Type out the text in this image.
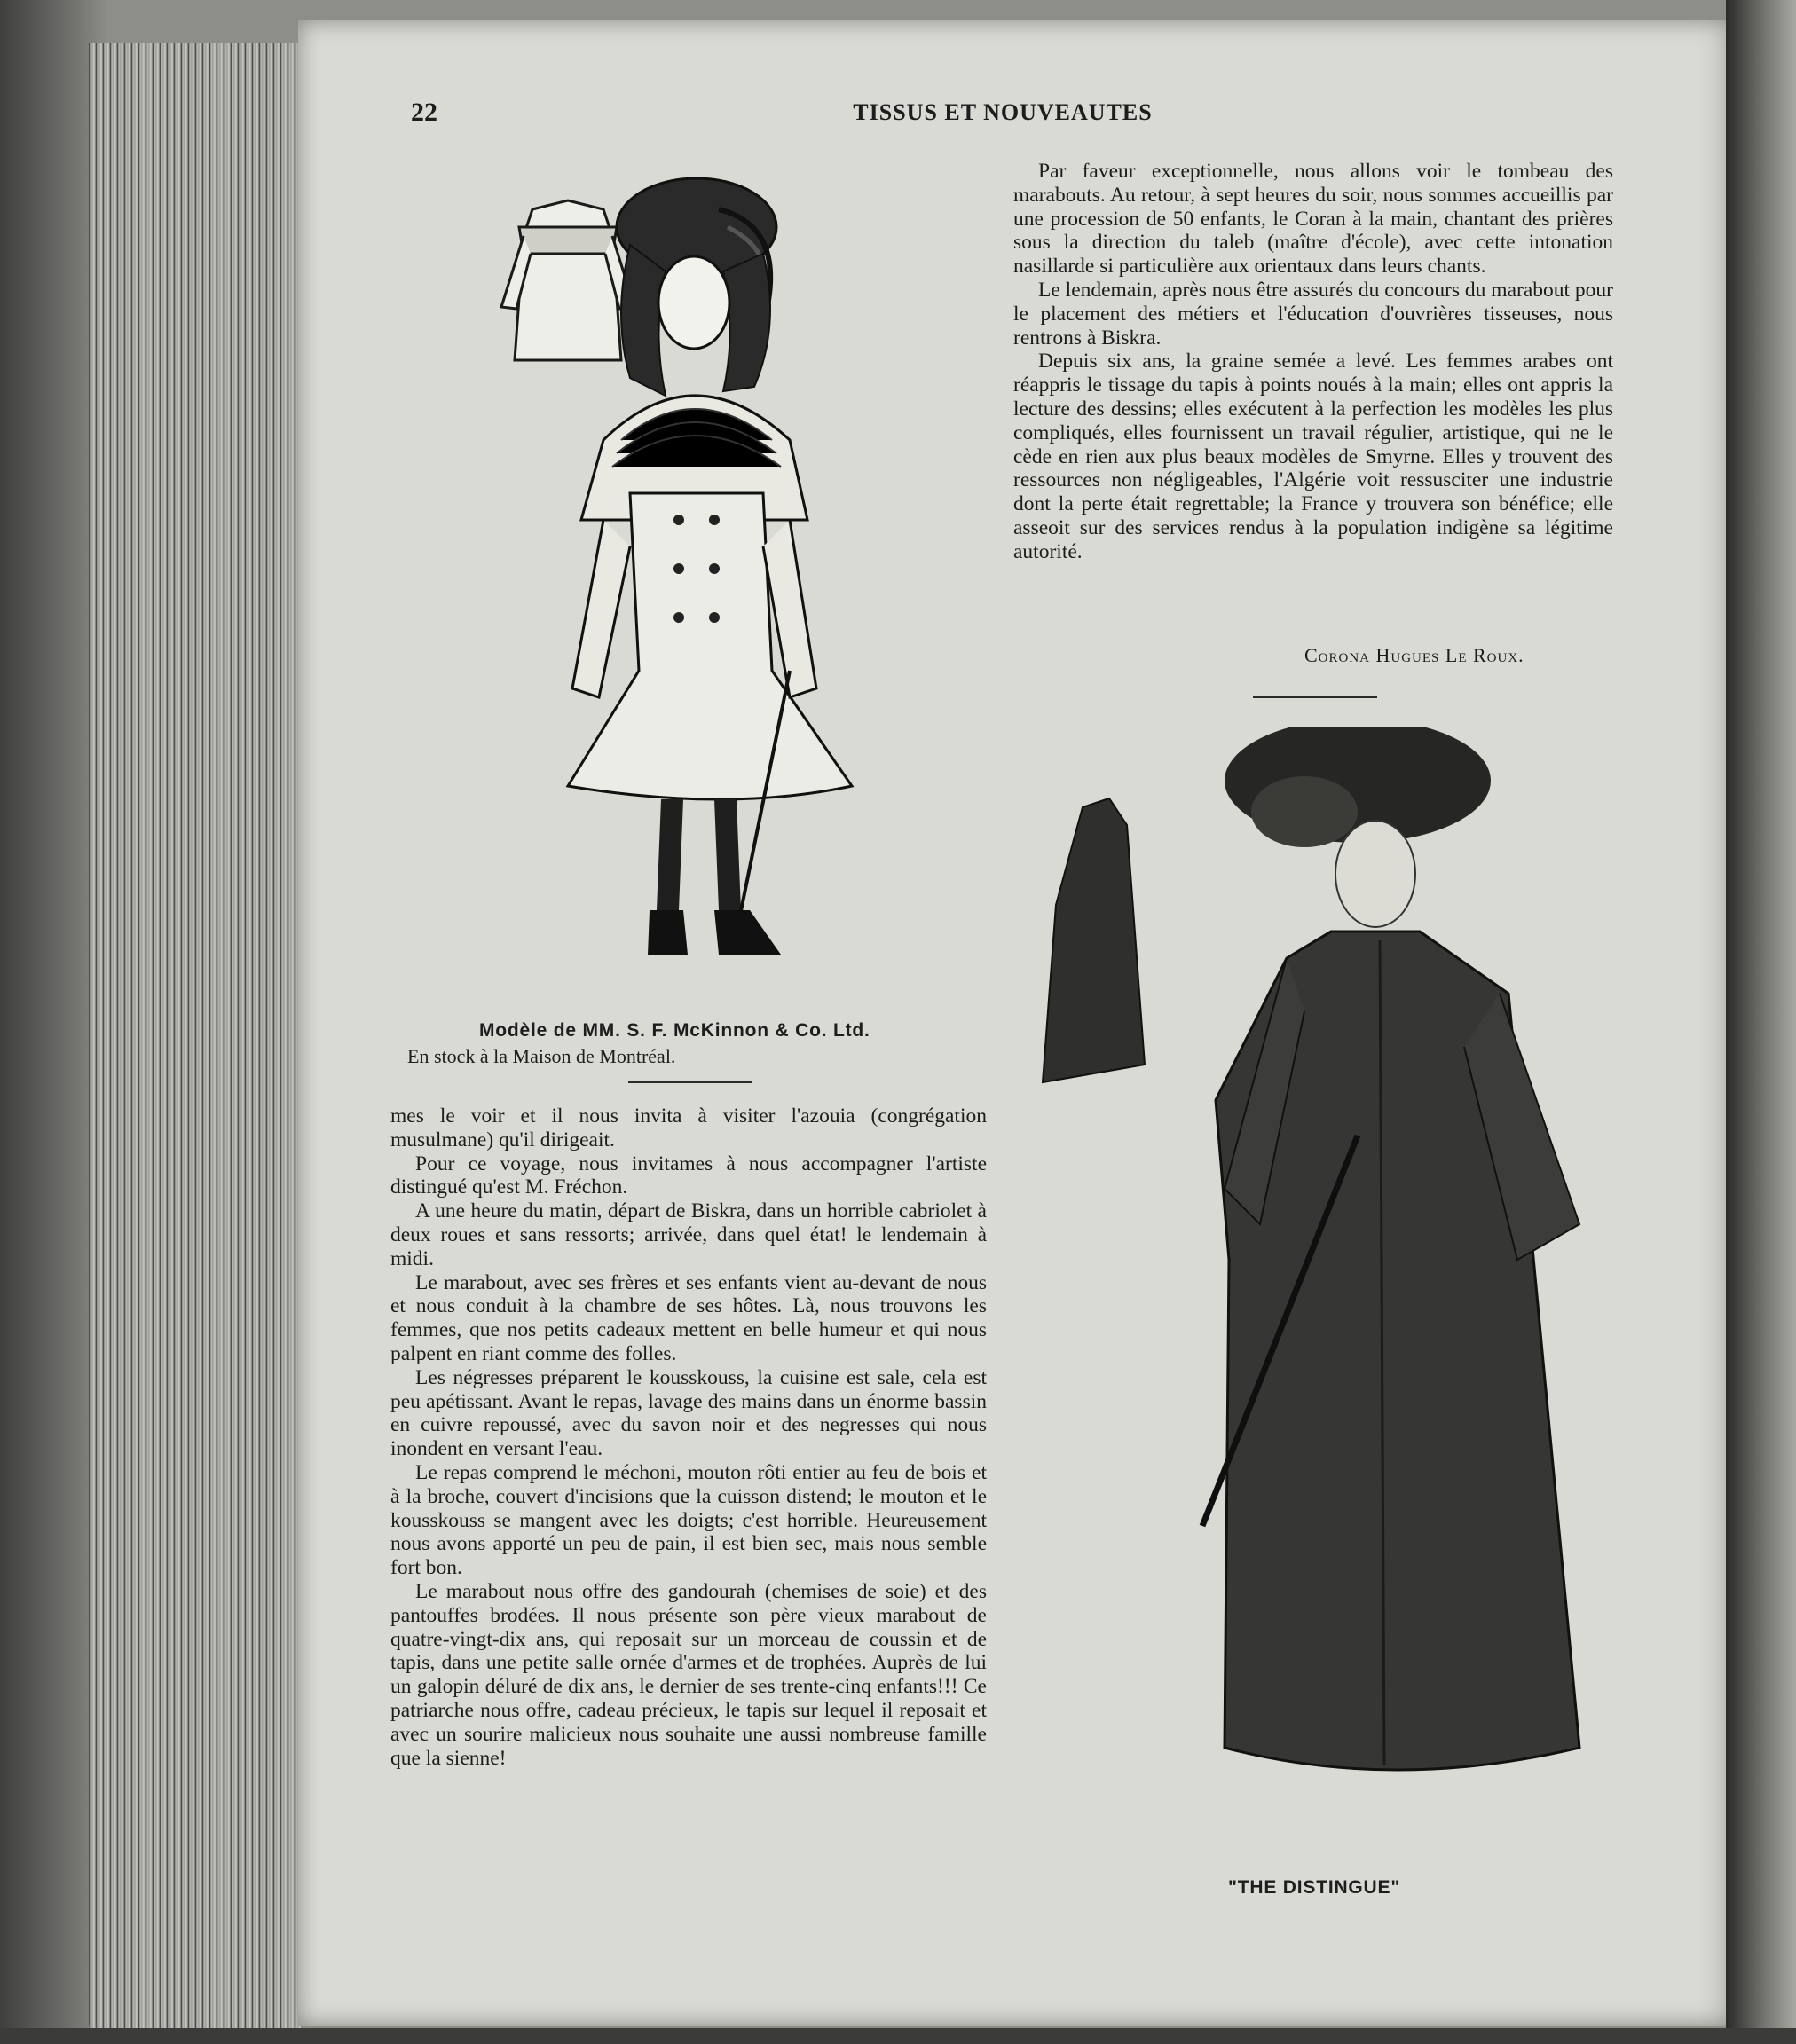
22	TISSUS ET NOUVEAUTES
Modèle de MM. S. F. McKinnon & Co. Ltd.
En stock à la Maison de Montréal.

mes le voir et il nous invita à visiter l'azouia (congrégation musulmane) qu'il dirigeait.

Pour ce voyage, nous invitames à nous accompagner l'artiste distingué qu'est M. Fréchon.

A une heure du matin, départ de Biskra, dans un horrible cabriolet à deux roues et sans ressorts; arrivée, dans quel état! le lendemain à midi.

Le marabout, avec ses frères et ses enfants vient au-devant de nous et nous conduit à la chambre de ses hôtes. Là, nous trouvons les femmes, que nos petits cadeaux mettent en belle humeur et qui nous palpent en riant comme des folles.

Les négresses préparent le kousskouss, la cuisine est sale, cela est peu apétissant. Avant le repas, lavage des mains dans un énorme bassin en cuivre repoussé, avec du savon noir et des negresses qui nous inondent en versant l'eau.

Le repas comprend le méchoni, mouton rôti entier au feu de bois et à la broche, couvert d'incisions que la cuisson distend; le mouton et le kousskouss se mangent avec les doigts; c'est horrible. Heureusement nous avons apporté un peu de pain, il est bien sec, mais nous semble fort bon.

Le marabout nous offre des gandourah (chemises de soie) et des pantouffes brodées. Il nous présente son père vieux marabout de quatre-vingt-dix ans, qui reposait sur un morceau de coussin et de tapis, dans une petite salle ornée d'armes et de trophées. Auprès de lui un galopin déluré de dix ans, le dernier de ses trente-cinq enfants!!! Ce patriarche nous offre, cadeau précieux, le tapis sur lequel il reposait et avec un sourire malicieux nous souhaite une aussi nombreuse famille que la sienne!

Par faveur exceptionnelle, nous allons voir le tombeau des marabouts. Au retour, à sept heures du soir, nous sommes accueillis par une procession de 50 enfants, le Coran à la main, chantant des prières sous la direction du taleb (maître d'école), avec cette intonation nasillarde si particulière aux orientaux dans leurs chants.

Le lendemain, après nous être assurés du concours du marabout pour le placement des métiers et l'éducation d'ouvrières tisseuses, nous rentrons à Biskra.

Depuis six ans, la graine semée a levé. Les femmes arabes ont réappris le tissage du tapis à points noués à la main; elles ont appris la lecture des dessins; elles exécutent à la perfection les modèles les plus compliqués, elles fournissent un travail régulier, artistique, qui ne le cède en rien aux plus beaux modèles de Smyrne. Elles y trouvent des ressources non négligeables, l'Algérie voit ressusciter une industrie dont la perte était regrettable; la France y trouvera son bénéfice; elle asseoit sur des services rendus à la population indigène sa légitime autorité.

Corona Hugues Le Roux.
"THE DISTINGUE"
